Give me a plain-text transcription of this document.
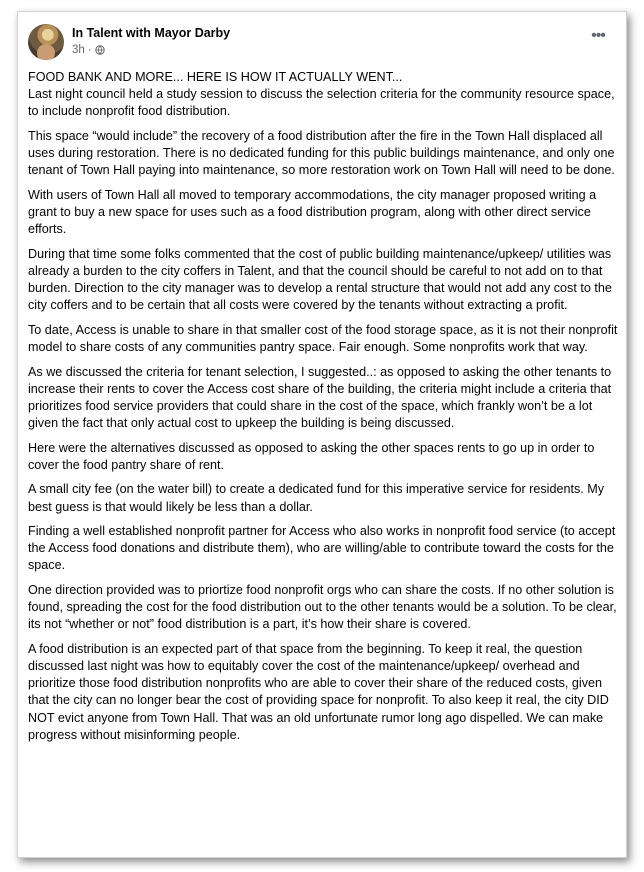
In Talent with Mayor Darby
3h ·
•••

FOOD BANK AND MORE... HERE IS HOW IT ACTUALLY WENT...
Last night council held a study session to discuss the selection criteria for the community resource space, to include nonprofit food distribution.

This space “would include” the recovery of a food distribution after the fire in the Town Hall displaced all uses during restoration. There is no dedicated funding for this public buildings maintenance, and only one tenant of Town Hall paying into maintenance, so more restoration work on Town Hall will need to be done.

With users of Town Hall all moved to temporary accommodations, the city manager proposed writing a grant to buy a new space for uses such as a food distribution program, along with other direct service efforts.

During that time some folks commented that the cost of public building maintenance/upkeep/ utilities was already a burden to the city coffers in Talent, and that the council should be careful to not add on to that burden. Direction to the city manager was to develop a rental structure that would not add any cost to the city coffers and to be certain that all costs were covered by the tenants without extracting a profit.

To date, Access is unable to share in that smaller cost of the food storage space, as it is not their nonprofit model to share costs of any communities pantry space. Fair enough. Some nonprofits work that way.

As we discussed the criteria for tenant selection, I suggested..: as opposed to asking the other tenants to increase their rents to cover the Access cost share of the building, the criteria might include a criteria that prioritizes food service providers that could share in the cost of the space, which frankly won’t be a lot given the fact that only actual cost to upkeep the building is being discussed.

Here were the alternatives discussed as opposed to asking the other spaces rents to go up in order to cover the food pantry share of rent.

A small city fee (on the water bill) to create a dedicated fund for this imperative service for residents. My best guess is that would likely be less than a dollar.

Finding a well established nonprofit partner for Access who also works in nonprofit food service (to accept the Access food donations and distribute them), who are willing/able to contribute toward the costs for the space.

One direction provided was to priortize food nonprofit orgs who can share the costs. If no other solution is found, spreading the cost for the food distribution out to the other tenants would be a solution. To be clear, its not “whether or not” food distribution is a part, it’s how their share is covered.

A food distribution is an expected part of that space from the beginning. To keep it real, the question discussed last night was how to equitably cover the cost of the maintenance/upkeep/ overhead and prioritize those food distribution nonprofits who are able to cover their share of the reduced costs, given that the city can no longer bear the cost of providing space for nonprofit. To also keep it real, the city DID NOT evict anyone from Town Hall. That was an old unfortunate rumor long ago dispelled. We can make progress without misinforming people.
